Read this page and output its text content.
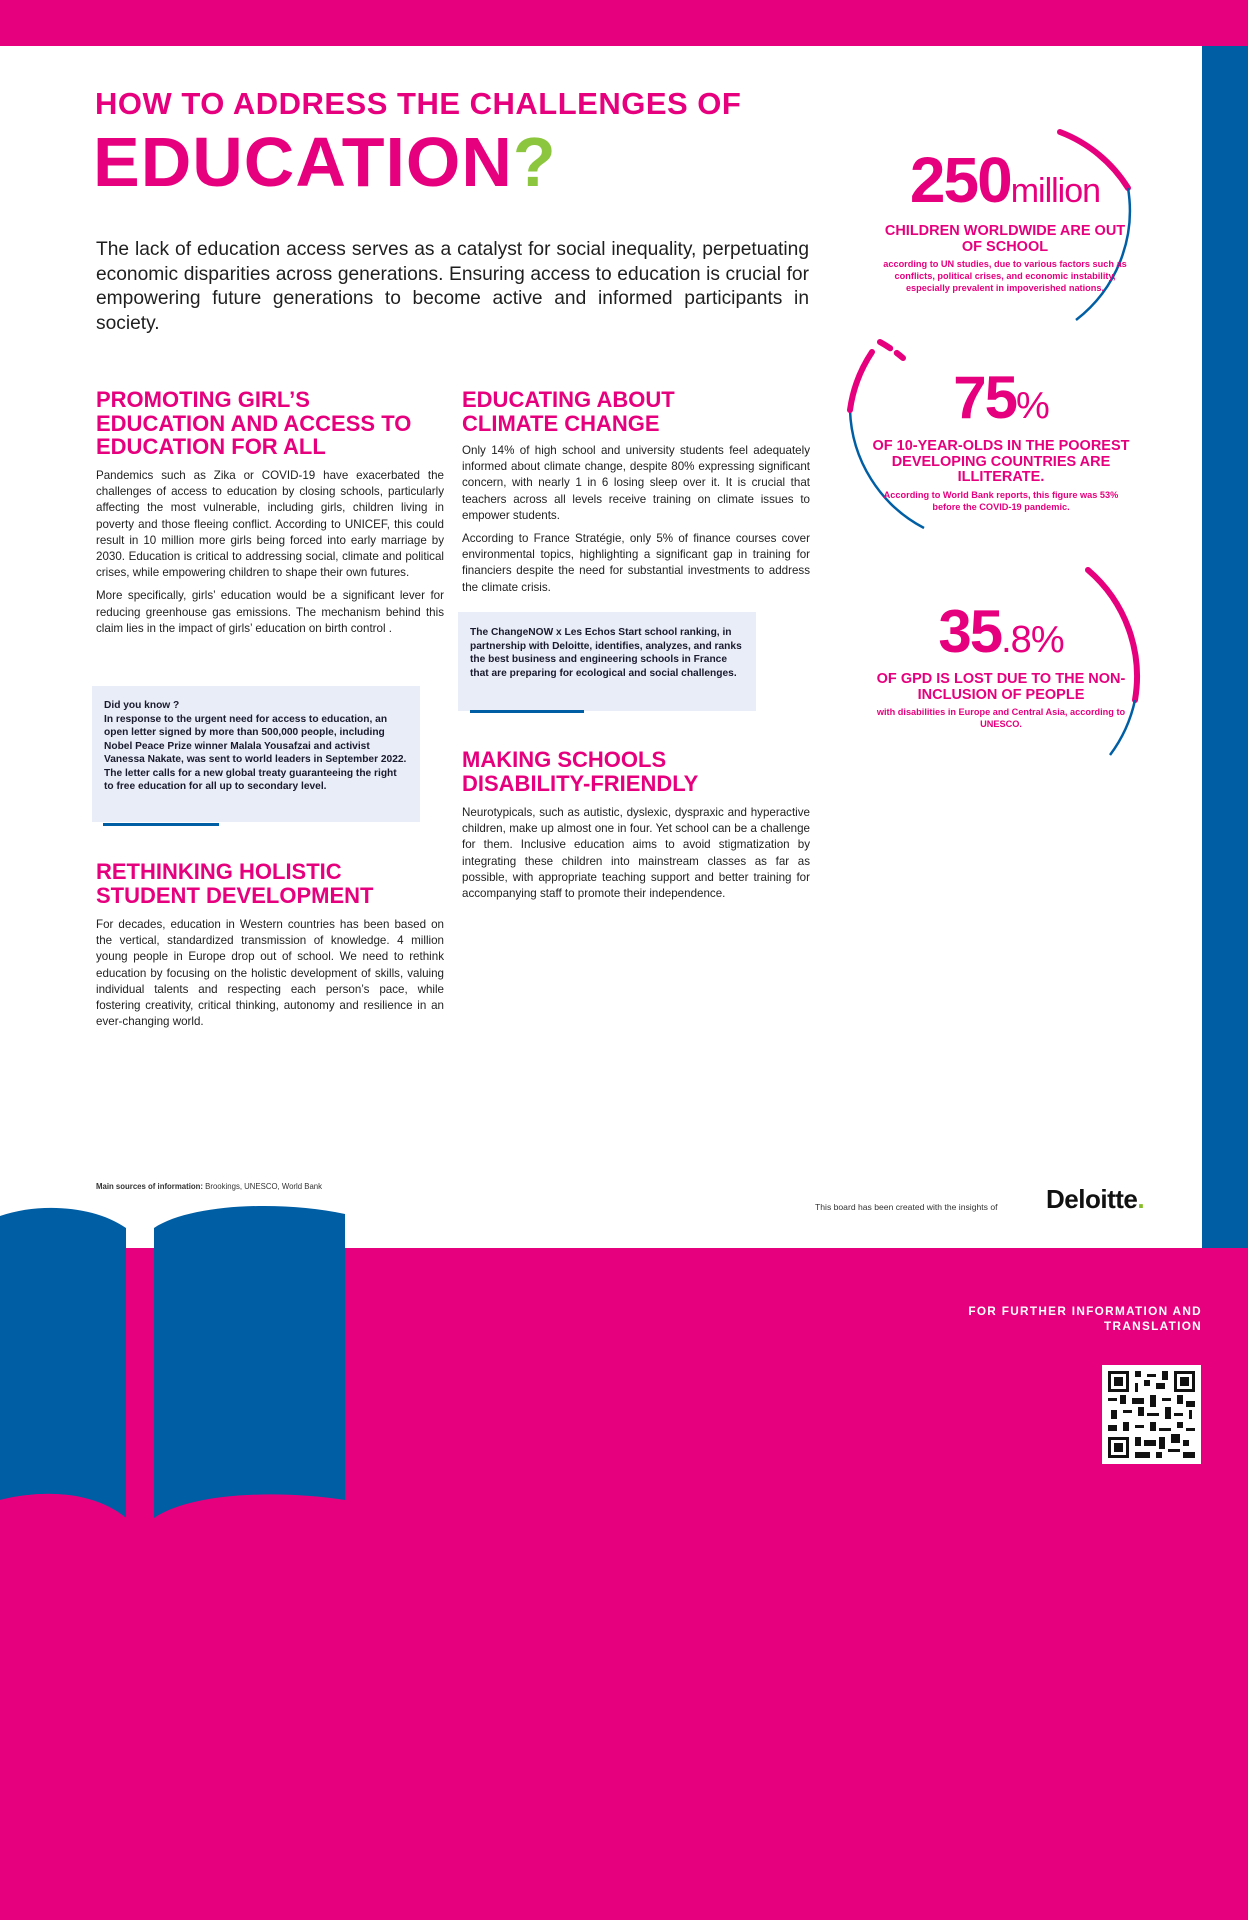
HOW TO ADDRESS THE CHALLENGES OF
EDUCATION?
The lack of education access serves as a catalyst for social inequality, perpetuating economic disparities across generations. Ensuring access to education is crucial for empowering future generations to become active and informed participants in society.
PROMOTING GIRL’S EDUCATION AND ACCESS TO EDUCATION FOR ALL

Pandemics such as Zika or COVID-19 have exacerbated the challenges of access to education by closing schools, particularly affecting the most vulnerable, including girls, children living in poverty and those fleeing conflict. According to UNICEF, this could result in 10 million more girls being forced into early marriage by 2030. Education is critical to addressing social, climate and political crises, while empowering children to shape their own futures.

More specifically, girls’ education would be a significant lever for reducing greenhouse gas emissions. The mechanism behind this claim lies in the impact of girls’ education on birth control .

Did you know ?
In response to the urgent need for access to education, an open letter signed by more than 500,000 people, including Nobel Peace Prize winner Malala Yousafzai and activist Vanessa Nakate, was sent to world leaders in September 2022. The letter calls for a new global treaty guaranteeing the right to free education for all up to secondary level.
RETHINKING HOLISTIC STUDENT DEVELOPMENT

For decades, education in Western countries has been based on the vertical, standardized transmission of knowledge. 4 million young people in Europe drop out of school. We need to rethink education by focusing on the holistic development of skills, valuing individual talents and respecting each person’s pace, while fostering creativity, critical thinking, autonomy and resilience in an ever-changing world.

EDUCATING ABOUT CLIMATE CHANGE

Only 14% of high school and university students feel adequately informed about climate change, despite 80% expressing significant concern, with nearly 1 in 6 losing sleep over it. It is crucial that teachers across all levels receive training on climate issues to empower students.

According to France Stratégie, only 5% of finance courses cover environmental topics, highlighting a significant gap in training for financiers despite the need for substantial investments to address the climate crisis.

The ChangeNOW x Les Echos Start school ranking, in partnership with Deloitte, identifies, analyzes, and ranks the best business and engineering schools in France that are preparing for ecological and social challenges.

MAKING SCHOOLS DISABILITY-FRIENDLY

Neurotypicals, such as autistic, dyslexic, dyspraxic and hyperactive children, make up almost one in four. Yet school can be a challenge for them. Inclusive education aims to avoid stigmatization by integrating these children into mainstream classes as far as possible, with appropriate teaching support and better training for accompanying staff to promote their independence.

250million
CHILDREN WORLDWIDE ARE OUT OF SCHOOL
according to UN studies, due to various factors such as conflicts, political crises, and economic instability, especially prevalent in impoverished nations.
75%
OF 10-YEAR-OLDS IN THE POOREST DEVELOPING COUNTRIES ARE ILLITERATE.
According to World Bank reports, this figure was 53% before the COVID-19 pandemic.
35.8%
OF GPD IS LOST DUE TO THE NON-INCLUSION OF PEOPLE
with disabilities in Europe and Central Asia, according to UNESCO.
Main sources of information: Brookings, UNESCO, World Bank
This board has been created with the insights of Deloitte.
FOR FURTHER INFORMATION AND TRANSLATION
